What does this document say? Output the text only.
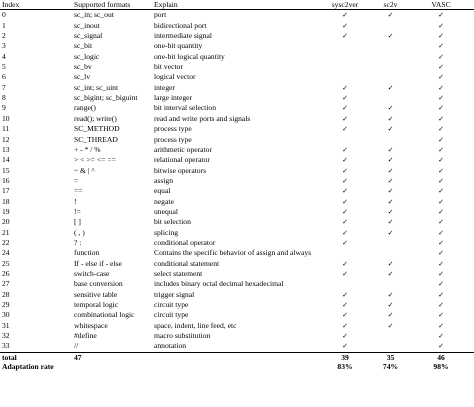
Index	Supported formats	Explain	sysc2ver	sc2v	VASC
0	sc_in; sc_out	port	✓	✓	✓
1	sc_inout	bidirectional port	✓		✓
2	sc_signal	intermediate signal	✓	✓	✓
3	sc_bit	one-bit quantity			✓
4	sc_logic	one-bit logical quantity			✓
5	sc_bv	bit vector			✓
6	sc_lv	logical vector			✓
7	sc_int; sc_uint	integer	✓	✓	✓
8	sc_bigint; sc_biguint	large integer	✓		✓
9	range()	bit interval selection	✓	✓	✓
10	read(); write()	read and write ports and signals	✓	✓	✓
11	SC_METHOD	process type	✓	✓	✓
12	SC_THREAD	process type			✓
13	+ - * / %	arithmetic operator	✓	✓	✓
14	> < >= <= ==	relational operator	✓	✓	✓
15	~ & | ^	bitwise operators	✓	✓	✓
16	=	assign	✓	✓	✓
17	==	equal	✓	✓	✓
18	!	negate	✓	✓	✓
19	!=	unequal	✓	✓	✓
20	[ ]	bit selection	✓	✓	✓
21	( , )	splicing	✓	✓	✓
22	? :	conditional operator	✓		✓
24	function	Contains the specific behavior of assign and always			✓
25	If - else if - else	conditional statement	✓	✓	✓
26	switch-case	select statement	✓	✓	✓
27	base conversion	includes binary octal decimal hexadecimal			✓
28	sensitive table	trigger signal	✓	✓	✓
29	temporal logic	circuit type	✓	✓	✓
30	combinational logic	circuit type	✓	✓	✓
31	whitespace	space, indent, line feed, etc	✓	✓	✓
32	#define	macro substitution	✓		✓
33	//	annotation	✓		✓
total	47		39	35	46
Adaptation rate			83%	74%	98%
